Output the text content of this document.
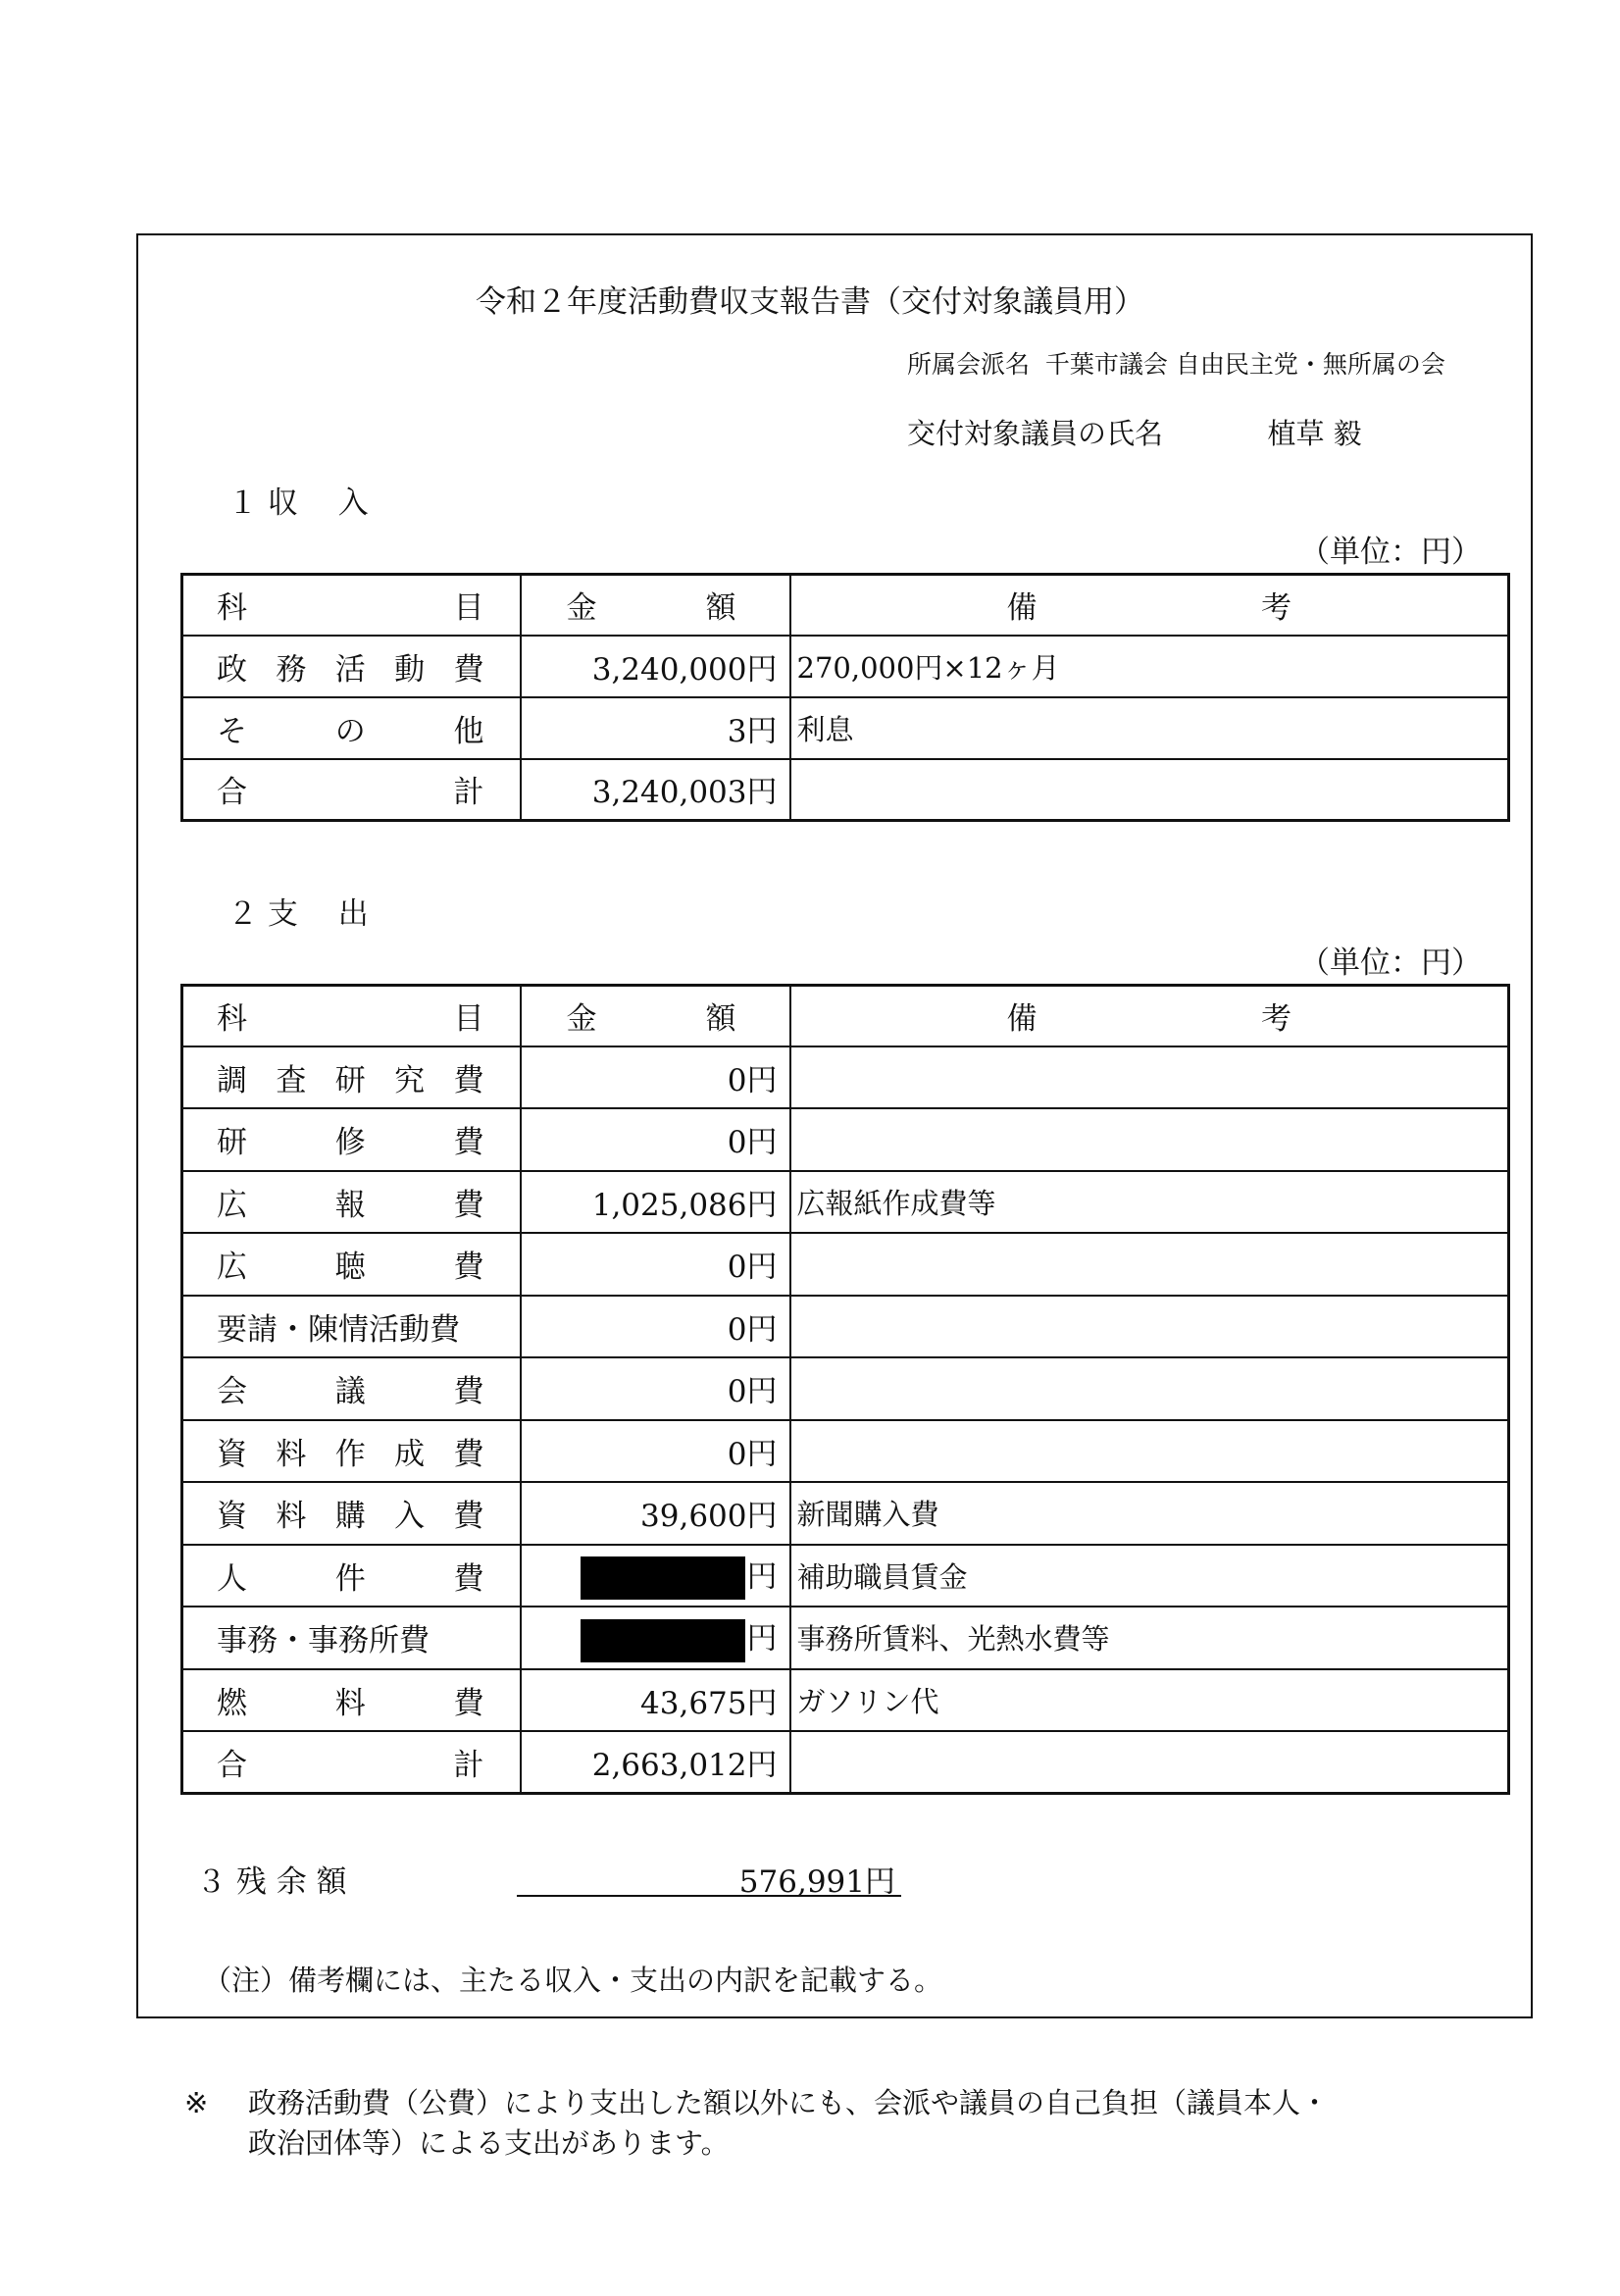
令和２年度活動費収支報告書（交付対象議員用）
所属会派名 千葉市議会 自由民主党・無所属の会
交付対象議員の氏名	植草 毅
１ 収　 入
（単位：円）
科　　　目	金 額	備 考

政務活動費	3,240,000円	270,000円×12ヶ月
その他	3円	利息
合計	3,240,003円	
２ 支　 出
（単位：円）
科　　　目	金 額	備 考

調査研究費	0円	
研修費	0円	
広報費	1,025,086円	広報紙作成費等
広聴費	0円	
要請・陳情活動費	0円	
会議費	0円	
資料作成費	0円	
資料購入費	39,600円	新聞購入費
人件費	円	補助職員賃金
事務・事務所費	円	事務所賃料、光熱水費等
燃料費	43,675円	ガソリン代
合計	2,663,012円	
３ 残 余 額	576,991円
（注）備考欄には、主たる収入・支出の内訳を記載する。
※ 政務活動費（公費）により支出した額以外にも、会派や議員の自己負担（議員本人・
政治団体等）による支出があります。
